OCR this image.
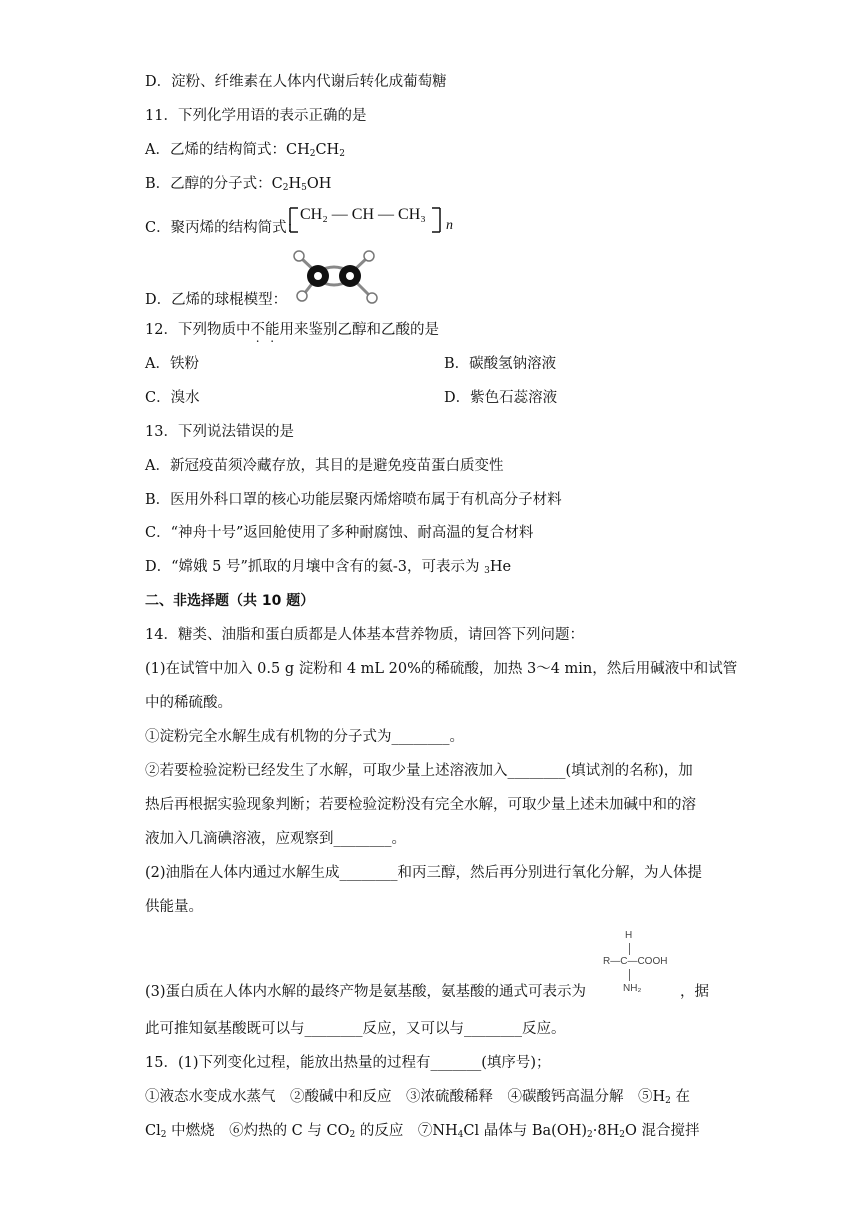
D．淀粉、纤维素在人体内代谢后转化成葡萄糖
11．下列化学用语的表示正确的是
A．乙烯的结构简式：$CH_2CH_2$
B．乙醇的分子式：$C_2H_5OH$
C．聚丙烯的结构简式：
CH₂ — CH — CH₃
n
D．乙烯的球棍模型：
12．下列物质中不能用来鉴别乙醇和乙酸的是
A．铁粉	B．碳酸氢钠溶液
C．溴水	D．紫色石蕊溶液
13．下列说法错误的是
A．新冠疫苗须冷藏存放，其目的是避免疫苗蛋白质变性
B．医用外科口罩的核心功能层聚丙烯熔喷布属于有机高分子材料
C．“神舟十号”返回舱使用了多种耐腐蚀、耐高温的复合材料
D．“嫦娥 5 号”抓取的月壤中含有的氦-3，可表示为 $_3$He
二、非选择题（共 10 题）
14．糖类、油脂和蛋白质都是人体基本营养物质，请回答下列问题：
(1)在试管中加入 0.5 g 淀粉和 4 mL 20%的稀硫酸，加热 3～4 min，然后用碱液中和试管
中的稀硫酸。
①淀粉完全水解生成有机物的分子式为________。
②若要检验淀粉已经发生了水解，可取少量上述溶液加入________(填试剂的名称)，加
热后再根据实验现象判断；若要检验淀粉没有完全水解，可取少量上述未加碱中和的溶
液加入几滴碘溶液，应观察到________。
(2)油脂在人体内通过水解生成________和丙三醇，然后再分别进行氧化分解，为人体提
供能量。
H
R—C—COOH
NH₂
(3)蛋白质在人体内水解的最终产物是氨基酸，氨基酸的通式可表示为	，据
此可推知氨基酸既可以与________反应，又可以与________反应。
15．(1)下列变化过程，能放出热量的过程有_______(填序号)；
①液态水变成水蒸气　②酸碱中和反应　③浓硫酸稀释　④碳酸钙高温分解　$⑤H_2$ 在
$Cl_2$ 中燃烧　⑥灼热的 C 与 $CO_2$ 的反应　$⑦NH_4Cl$ 晶体与 $Ba(OH)_2\cdot 8H_2O$ 混合搅拌
